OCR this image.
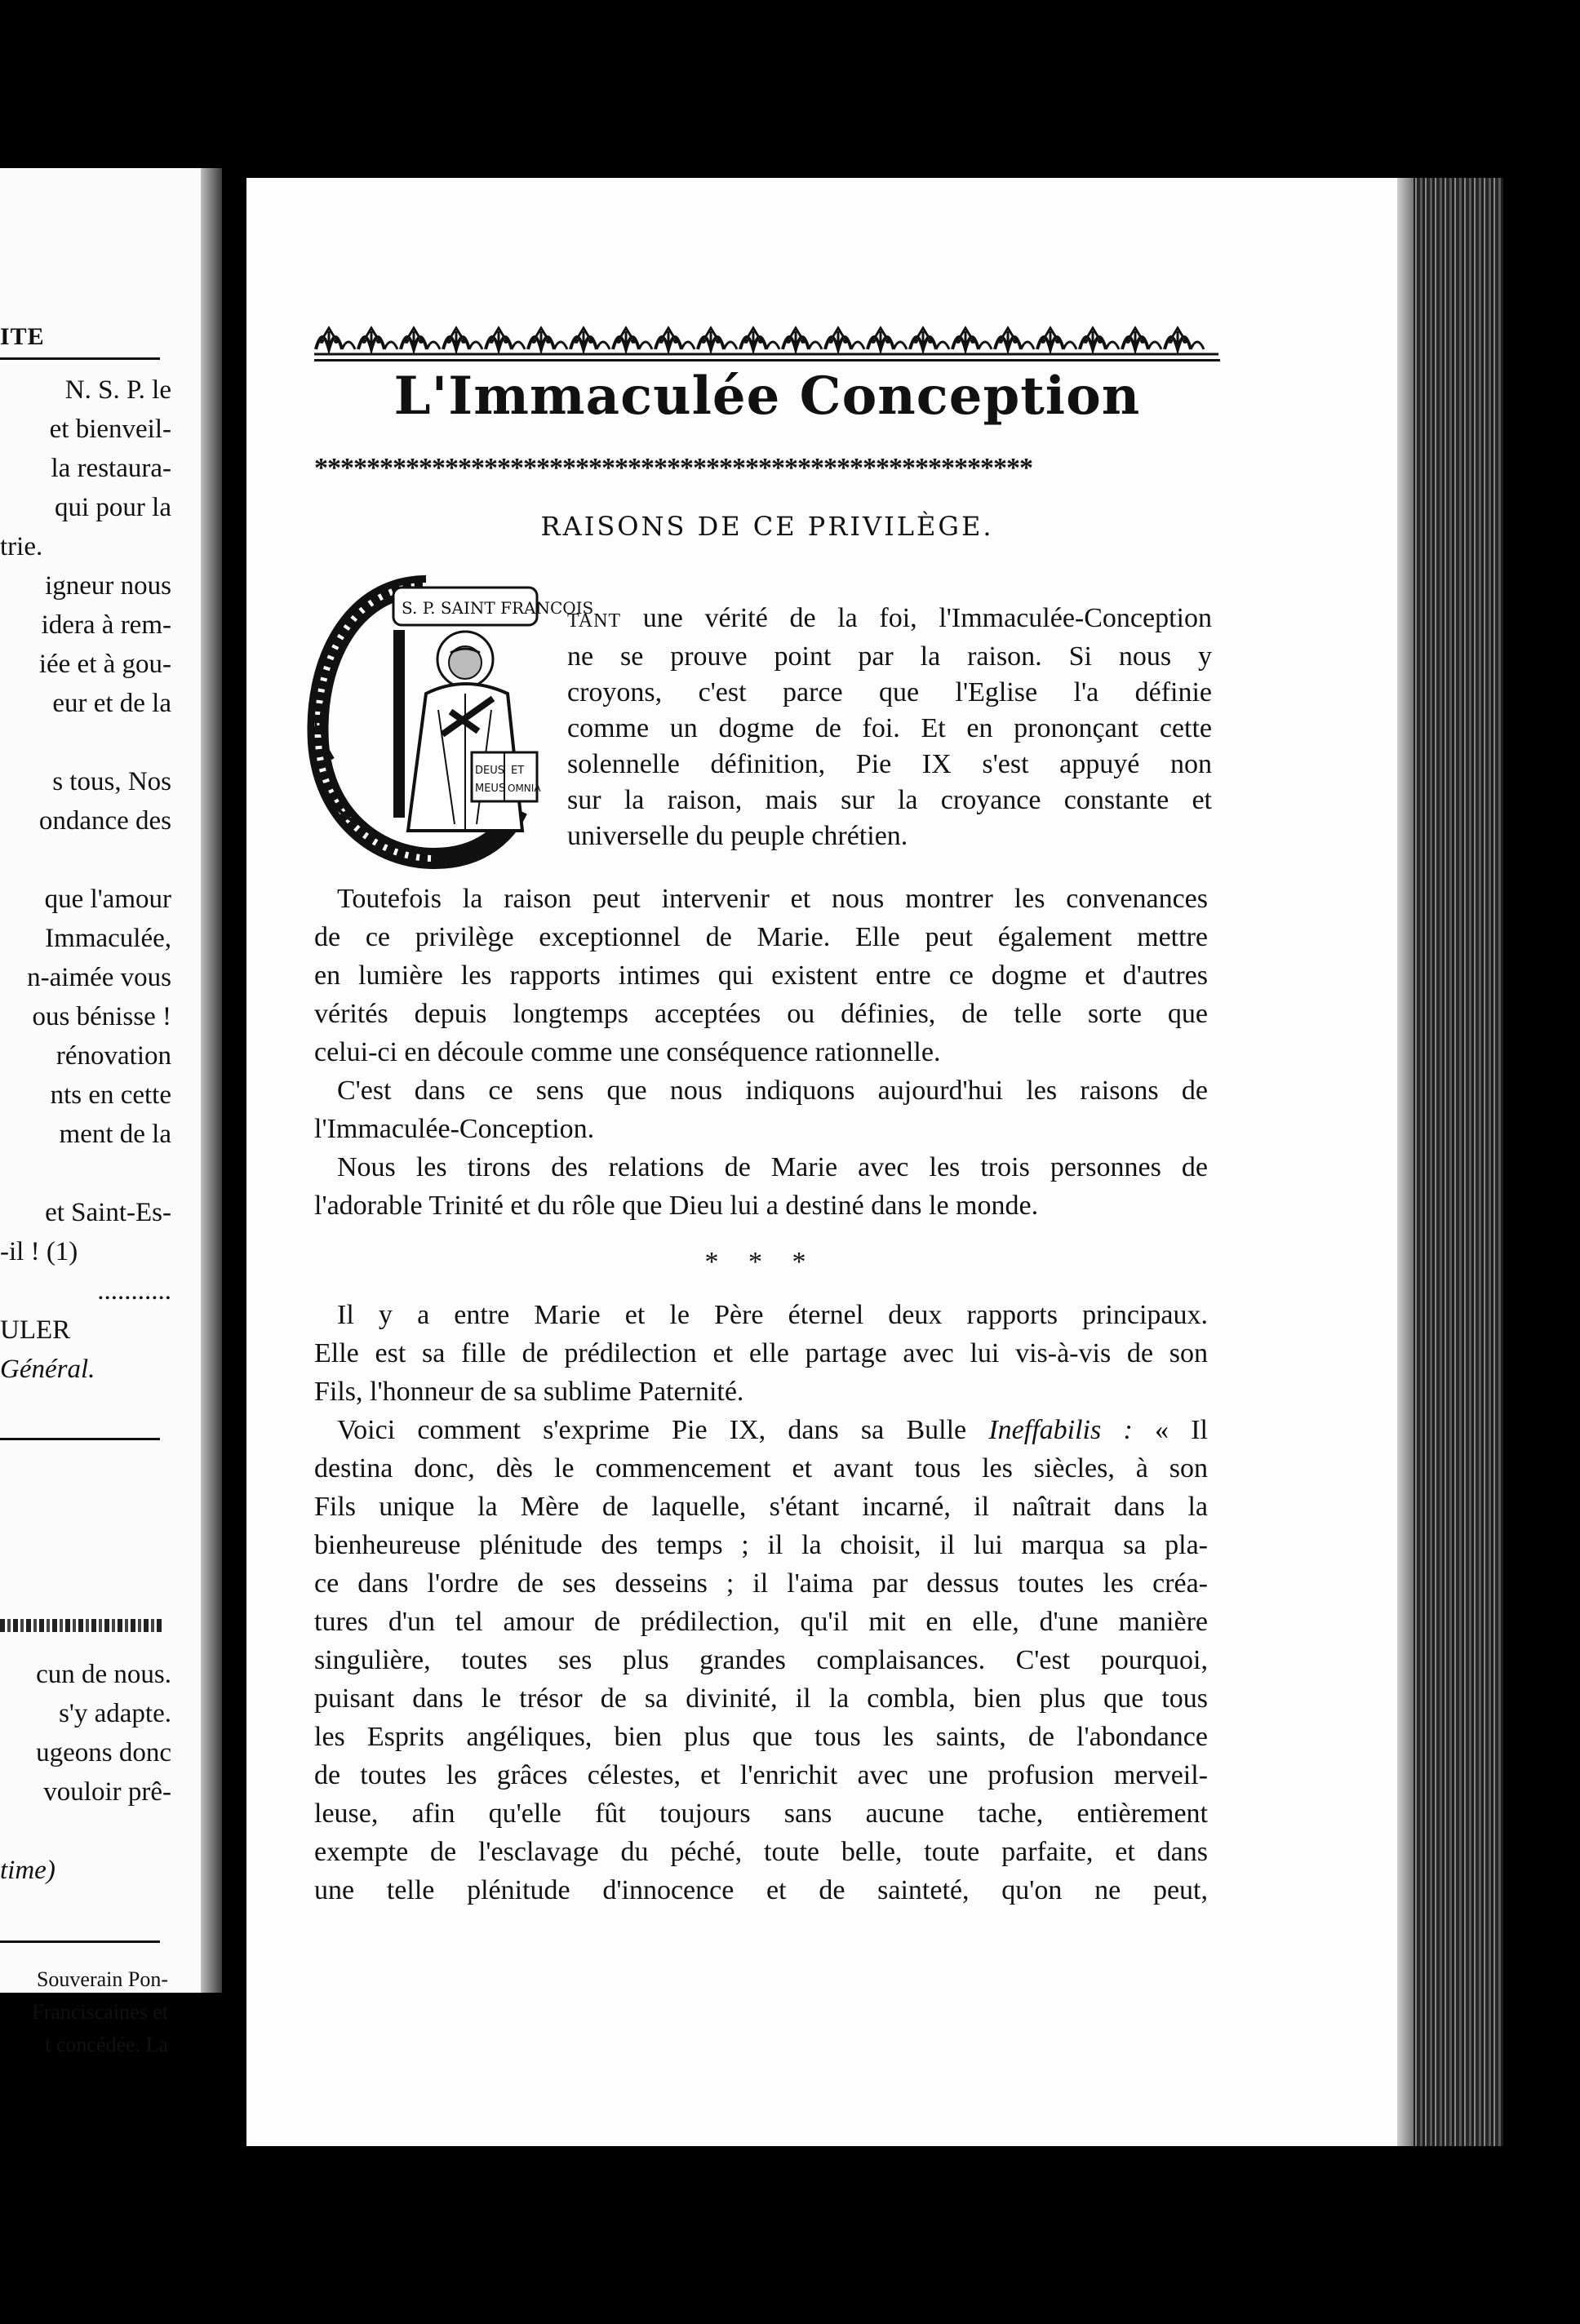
ITE
N. S. P. le
et bienveil-
la restaura-
qui pour la
trie.
igneur nous
idera à rem-
iée et à gou-
eur et de la
s tous, Nos
ondance des
que l'amour
Immaculée,
n-aimée vous
ous bénisse !
rénovation
nts en cette
ment de la
et Saint-Es-
-il ! (1)
...........
ULER
Général.
cun de nous.
s'y adapte.
ugeons donc
vouloir prê-
time)
Souverain Pon-
Franciscaines et
t concédée. La
L'Immaculée Conception
*******************************************************
RAISONS DE CE PRIVILÈGE.
É
S. P. SAINT FRANCOIS
DEUS
MEUS
ET
OMNIA
TANT une vérité de la foi, l'Immaculée-Conception
ne se prouve point par la raison. Si nous y
croyons, c'est parce que l'Eglise l'a définie
comme un dogme de foi. Et en prononçant cette
solennelle définition, Pie IX s'est appuyé non
sur la raison, mais sur la croyance constante et
universelle du peuple chrétien.
Toutefois la raison peut intervenir et nous montrer les convenances
de ce privilège exceptionnel de Marie. Elle peut également mettre
en lumière les rapports intimes qui existent entre ce dogme et d'autres
vérités depuis longtemps acceptées ou définies, de telle sorte que
celui-ci en découle comme une conséquence rationnelle.
C'est dans ce sens que nous indiquons aujourd'hui les raisons de
l'Immaculée-Conception.
Nous les tirons des relations de Marie avec les trois personnes de
l'adorable Trinité et du rôle que Dieu lui a destiné dans le monde.
* * *
Il y a entre Marie et le Père éternel deux rapports principaux.
Elle est sa fille de prédilection et elle partage avec lui vis-à-vis de son
Fils, l'honneur de sa sublime Paternité.
Voici comment s'exprime Pie IX, dans sa Bulle Ineffabilis : « Il
destina donc, dès le commencement et avant tous les siècles, à son
Fils unique la Mère de laquelle, s'étant incarné, il naîtrait dans la
bienheureuse plénitude des temps ; il la choisit, il lui marqua sa pla-
ce dans l'ordre de ses desseins ; il l'aima par dessus toutes les créa-
tures d'un tel amour de prédilection, qu'il mit en elle, d'une manière
singulière, toutes ses plus grandes complaisances. C'est pourquoi,
puisant dans le trésor de sa divinité, il la combla, bien plus que tous
les Esprits angéliques, bien plus que tous les saints, de l'abondance
de toutes les grâces célestes, et l'enrichit avec une profusion merveil-
leuse, afin qu'elle fût toujours sans aucune tache, entièrement
exempte de l'esclavage du péché, toute belle, toute parfaite, et dans
une telle plénitude d'innocence et de sainteté, qu'on ne peut,
